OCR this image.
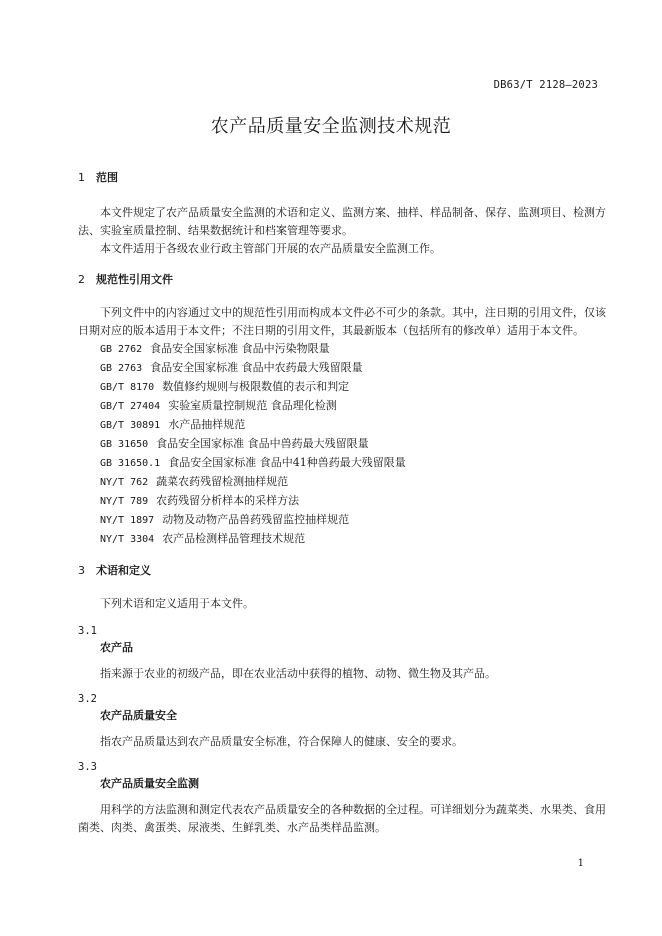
DB63/T 2128—2023
农产品质量安全监测技术规范
1	范围

本文件规定了农产品质量安全监测的术语和定义、监测方案、抽样、样品制备、保存、监测项目、检测方法、实验室质量控制、结果数据统计和档案管理等要求。

本文件适用于各级农业行政主管部门开展的农产品质量安全监测工作。

2	规范性引用文件

下列文件中的内容通过文中的规范性引用而构成本文件必不可少的条款。其中，注日期的引用文件，仅该日期对应的版本适用于本文件；不注日期的引用文件，其最新版本（包括所有的修改单）适用于本文件。

GB 2762 食品安全国家标准 食品中污染物限量
GB 2763 食品安全国家标准 食品中农药最大残留限量
GB/T 8170 数值修约规则与极限数值的表示和判定
GB/T 27404 实验室质量控制规范 食品理化检测
GB/T 30891 水产品抽样规范
GB 31650 食品安全国家标准 食品中兽药最大残留限量
GB 31650.1 食品安全国家标准 食品中41种兽药最大残留限量
NY/T 762 蔬菜农药残留检测抽样规范
NY/T 789 农药残留分析样本的采样方法
NY/T 1897 动物及动物产品兽药残留监控抽样规范
NY/T 3304 农产品检测样品管理技术规范
3	术语和定义

下列术语和定义适用于本文件。

3.1
农产品

指来源于农业的初级产品，即在农业活动中获得的植物、动物、微生物及其产品。

3.2
农产品质量安全

指农产品质量达到农产品质量安全标准，符合保障人的健康、安全的要求。

3.3
农产品质量安全监测

用科学的方法监测和测定代表农产品质量安全的各种数据的全过程。可详细划分为蔬菜类、水果类、食用菌类、肉类、禽蛋类、尿液类、生鲜乳类、水产品类样品监测。

1
